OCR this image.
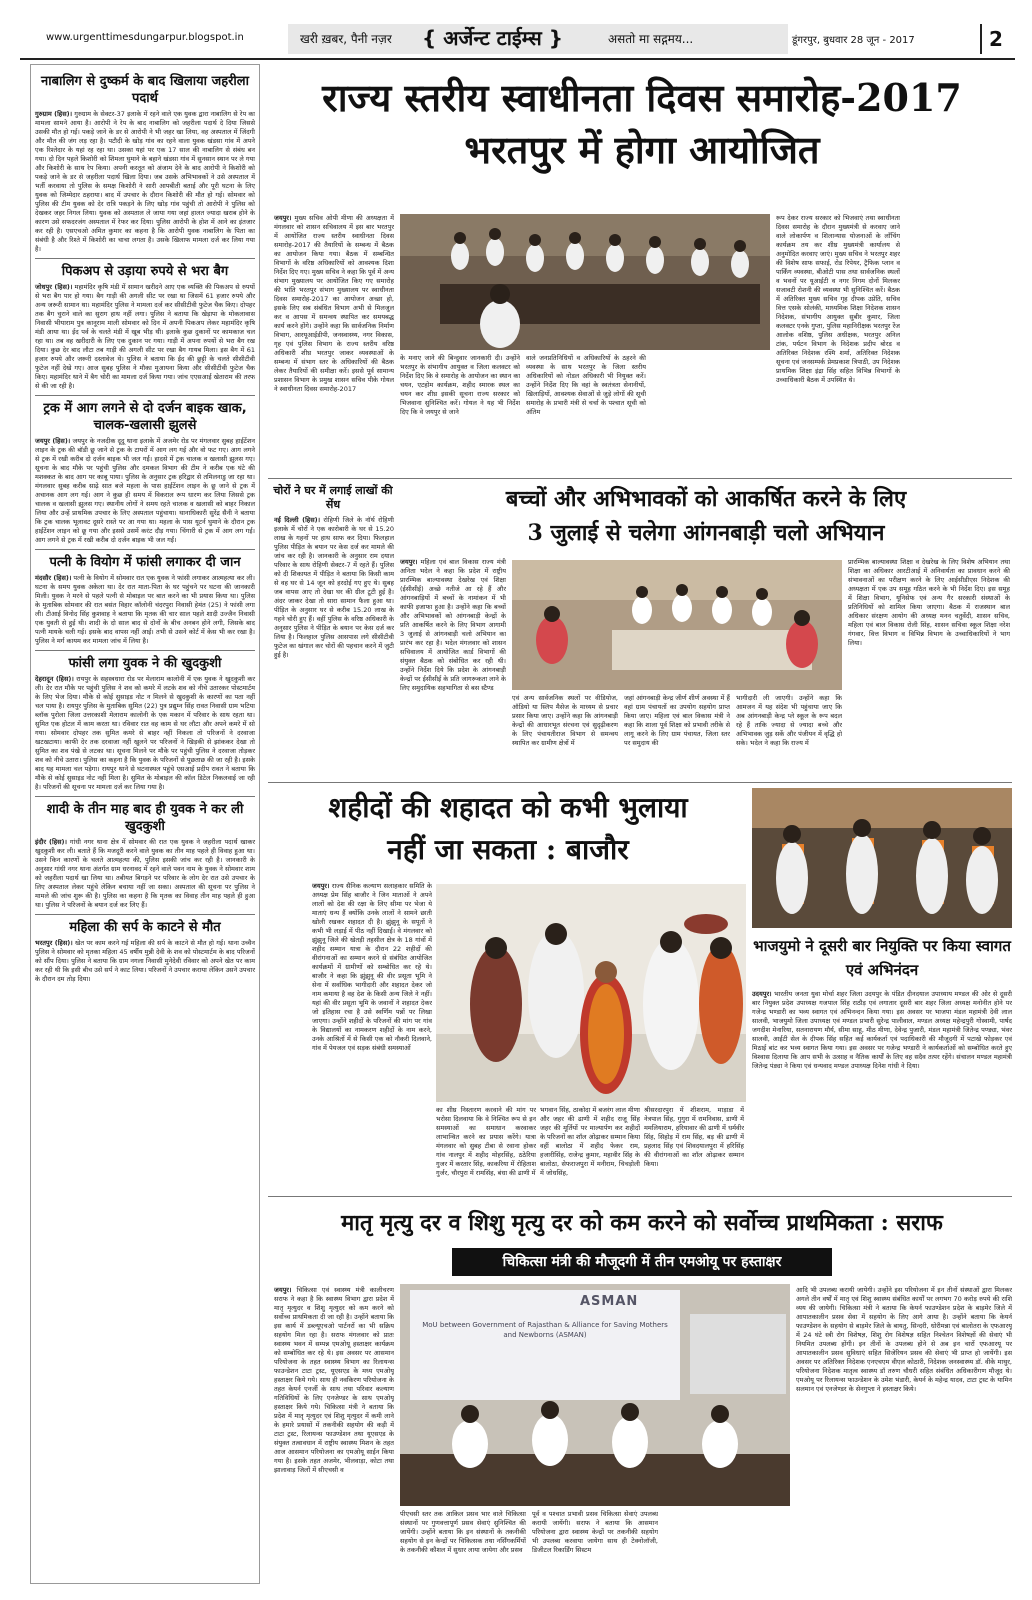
www.urgenttimesdungarpur.blogspot.in	खरी ख़बर, पैनी नज़र { अर्जेन्ट टाईम्स }	असतो मा सद्गमय...	डूंगरपुर, बुधवार 28 जून - 2017	2
नाबालिग से दुष्कर्म के बाद खिलाया जहरीला पदार्थ

गुरुग्राम (हिस)। गुरुग्राम के सेक्टर-37 इलाके में रहने वाले एक युवक द्वारा नाबालिग से रेप का मामला सामने आया है। आरोपी ने रेप के बाद नाबालिग को जहरीला पदार्थ दे दिया जिससे उसकी मौत हो गई। पकड़े जाने के डर से आरोपी ने भी जहर खा लिया, वह अस्पताल में जिंदगी और मौत की जंग लड़ रहा है। पटौदी के खोड़ गांव का रहने वाला युवक खंडसा गांव में अपने एक रिश्तेदार के यहां रह रहा था। उसका यहां पर एक 17 साल की नाबालिग से संबंध बन गया। दो दिन पहले किशोरी को शिमला घुमाने के बहाने खंडसा गांव में सुनसान स्थान पर ले गया और किशोरी के साथ रेप किया। अपनी करतूत को अंजाम देने के बाद आरोपी ने किशोरी को पकड़े जाने के डर से जहरीला पदार्थ खिला दिया। जब उसके अभिभावकों ने उसे अस्पताल में भर्ती करवाया तो पुलिस के समक्ष किशोरी ने सारी आपबीती बताई और पूरी घटना के लिए युवक को जिम्मेदार ठहराया। बाद में उपचार के दौरान किशोरी की मौत हो गई। सोमवार को पुलिस की टीम युवक को देर रात्रि पकड़ने के लिए खोड़ गांव पहुंची तो आरोपी ने पुलिस को देखकर जहर निगल लिया। युवक को अस्पताल ले जाया गया जहां हालत ज्यादा खराब होने के कारण उसे सफदरजंग अस्पताल में रेफर कर दिया। पुलिस आरोपी के होश में आने का इंतजार कर रही है। एसएचओ अमित कुमार का कहना है कि आरोपी युवक नाबालिग के पिता का संबंधी है और रिश्ते में किशोरी का चाचा लगता है। उसके खिलाफ मामला दर्ज कर लिया गया है।

पिकअप से उड़ाया रुपये से भरा बैग

जोधपुर (हिस)। महामंदिर कृषि मंडी में सामान खरीदने आए एक व्यक्ति की पिकअप से रुपयों से भरा बैग पार हो गया। बैग गाड़ी की अगली सीट पर रखा था जिसमें 61 हजार रुपये और अन्य जरूरी सामान था। महामंदिर पुलिस ने मामला दर्ज कर सीसीटीवी फुटेज चैक किए। दोपहर तक बैग चुराने वाले का सुराग हाथ नहीं लगा। पुलिस ने बताया कि खेड़ापा के मोकलावास निवासी भीयाराम पुत्र कानूराम माली सोमवार को दिन में अपनी पिकअप लेकर महामंदिर कृषि मंडी आया था। ईद पर्व के चलते मंडी में खूब भीड़ थी। इलाके कुछ दुकानों पर कामकाज चल रहा था। तब वह खरीदारी के लिए एक दुकान पर गया। गाड़ी में अपना रुपयों से भरा बैग रख दिया। कुछ देर बाद लौटा तब गाड़ी की अगली सीट पर रखा बैग गायब मिला। इस बैग में 61 हजार रुपये और जरूरी दस्तावेज थे। पुलिस ने बताया कि ईद की छुट्टी के चलते सीसीटीवी फुटेज नहीं देखे गए। आज सुबह पुलिस ने मौका मुआयना किया और सीसीटीवी फुटेज चैक किए। महामंदिर थाने में बैग चोरी का मामला दर्ज किया गया। जांच एएसआई खेताराम की तरफ से की जा रही है।

ट्रक में आग लगने से दो दर्जन बाइक खाक, चालक-खलासी झुलसे

जयपुर (हिस)। जयपुर के नजदीक दूदू थाना इलाके में अजमेर रोड पर मंगलवार सुबह हाईटेंशन लाइन के ट्रक की बॉडी छू जाने से ट्रक के टायरों में आग लग गई और वो फट गए। आग लगने से ट्रक में रखी करीब दो दर्जन बाइक भी जल गईं। हादसे में ट्रक चालक व खलासी झुलस गए। सूचना के बाद मौके पर पहुंची पुलिस और दमकल विभाग की टीम ने करीब एक घंटे की मशक्कत के बाद आग पर काबू पाया। पुलिस के अनुसार ट्रक हरिद्वार से तमिलनाडु जा रहा था। मंगलवार सुबह करीब साढ़े सात बजे महला के पास हाईटेंशन लाइन के छू जाने से ट्रक में अचानक आग लग गई। आग ने कुछ ही समय में विकराल रूप धारण कर लिया जिससे ट्रक चालक व खलासी झुलस गए। स्थानीय लोगों ने समय रहते चालक व खलासी को बाहर निकाल लिया और उन्हें प्राथमिक उपचार के लिए अस्पताल पहुंचाया। थानाधिकारी सुरेंद्र सैनी ने बताया कि ट्रक चालक भूलावट दूसरे रास्ते पर आ गया था। महला के पास यूटर्न घुमाने के दौरान ट्रक हाईटेंशन लाइन को छू गया और इससे उसमें करंट दौड़ गया। चिंगारी से ट्रक में आग लग गई। आग लगने से ट्रक में रखी करीब दो दर्जन बाइक भी जल गईं।

पत्नी के वियोग में फांसी लगाकर दी जान

मंदसौर (हिस)। पत्नी के वियोग में सोमवार रात एक युवक ने फांसी लगाकर आत्महत्या कर ली। घटना के समय युवक अकेला था। देर रात माता-पिता के घर पहुंचने पर घटना की जानकारी मिली। युवक ने मरने से पहले पत्नी से मोबाइल पर बात करने का भी प्रयास किया था। पुलिस के मुताबिक सोमवार की रात बसंत विहार कॉलोनी चंदरपुरा निवासी हेमंत (25) ने फांसी लगा ली। टीआई विनोद सिंह कुशवाह ने बताया कि मृतक की चार साल पहले शादी उज्जैन निवासी एक युवती से हुई थी। शादी के दो साल बाद से दोनों के बीच अनबन होने लगी, जिसके बाद पत्नी मायके चली गई। इसके बाद वापस नहीं आई। तभी से उसने कोर्ट में केस भी कर रखा है। पुलिस ने मर्ग कायम कर मामला जांच में लिया है।

फांसी लगा युवक ने की खुदकुशी

देहरादून (हिस)। रायपुर के सहस्त्रधारा रोड पर मेलाराम कालोनी में एक युवक ने खुदकुशी कर ली। देर रात मौके पर पहुंची पुलिस ने शव को कमरे में लटके शव को नीचे उतारकर पोस्टमार्टम के लिए भेज दिया। मौके से कोई सुसाइड नोट न मिलने से खुदकुशी के कारणों का पता नहीं चल पाया है। रायपुर पुलिस के मुताबिक सुमित (22) पुत्र प्रद्युम्न सिंह रावत निवासी ग्राम भटिया ब्लॉक पुरोला जिला उत्तरकाशी मेलाराम कालोनी के एक मकान में परिवार के साथ रहता था। सुमित एक होटल में काम करता था। रविवार रात वह काम से घर लौटा और अपने कमरे में सो गया। सोमवार दोपहर तक सुमित कमरे से बाहर नहीं निकला तो परिजनों ने दरवाजा खटखटाया। काफी देर तक दरवाजा नहीं खुलने पर परिजनों ने खिड़की से झांककर देखा तो सुमित का शव पंखे से लटका था। सूचना मिलने पर मौके पर पहुंची पुलिस ने दरवाजा तोड़कर शव को नीचे उतारा। पुलिस का कहना है कि युवक के परिजनों से पूछताछ की जा रही है। इसके बाद यह मामला चल पड़ेगा। रायपुर थाने से घटनास्थल पहुंचे एसआई प्रदीप रावत ने बताया कि मौके से कोई सुसाइड नोट नहीं मिला है। सुमित के मोबाइल की कॉल डिटेल निकलवाई जा रही है। परिजनों की सूचना पर मामला दर्ज कर लिया गया है।

शादी के तीन माह बाद ही युवक ने कर ली खुदकुशी

इंदौर (हिस)। गांधी नगर थाना क्षेत्र में सोमवार की रात एक युवक ने जहरीला पदार्थ खाकर खुदकुशी कर ली। बताते हैं कि मजदूरी करने वाले युवक का तीन माह पहले ही विवाह हुआ था। उसने किन कारणों के चलते आत्महत्या की, पुलिस इसकी जांच कर रही है। जानकारी के अनुसार गांधी नगर थाना अंतर्गत ग्राम धरनावद में रहने वाले पवन नाम के युवक ने सोमवार शाम को जहरीला पदार्थ खा लिया था। तबीयत बिगड़ने पर परिवार के लोग देर रात उसे उपचार के लिए अस्पताल लेकर पहुंचे लेकिन बचाया नहीं जा सका। अस्पताल की सूचना पर पुलिस ने मामले की जांच शुरू की है। पुलिस का कहना है कि मृतक का विवाह तीन माह पहले ही हुआ था। पुलिस ने परिजनों के बयान दर्ज कर लिए हैं।

महिला की सर्प के काटने से मौत

भरतपुर (हिस)। खेत पर काम करने गई महिला की सर्प के काटने से मौत हो गई। थाना उच्चैन पुलिस ने सोमवार को मृतका महिला 45 वर्षीय मुन्नी देवी के शव को पोस्टमार्टम के बाद परिजनों को सौंप दिया। पुलिस ने बताया कि ग्राम नगला निवासी मुनेदेवी रविवार को अपने खेत पर काम कर रही थी कि इसी बीच उसे सर्प ने काट लिया। परिजनों ने उपचार कराया लेकिन उसने उपचार के दौरान दम तोड़ दिया।

राज्य स्तरीय स्वाधीनता दिवस समारोह-2017 भरतपुर में होगा आयोजित
जयपुर। मुख्य सचिव ओपी मीणा की अध्यक्षता में मंगलवार को शासन सचिवालय में इस बार भरतपुर में आयोजित राज्य स्तरीय स्वाधीनता दिवस समारोह-2017 की तैयारियों के सम्बन्ध में बैठक का आयोजन किया गया। बैठक में सम्बन्धित विभागों के वरिष्ठ अधिकारियों को आवश्यक दिशा निर्देश दिए गए। मुख्य सचिव ने कहा कि पूर्व में अन्य संभाग मुख्यालय पर आयोजित किए गए समारोह की भांति भरतपुर संभाग मुख्यालय पर स्वाधीनता दिवस समारोह-2017 का आयोजन अच्छा हो, इसके लिए सब संबंधित विभाग अभी से मिलजुल कर व आपस में समन्वय स्थापित कर समयबद्ध कार्य करने होंगे। उन्होंने कहा कि सार्वजनिक निर्माण विभाग, आरयूआईडीपी, जनस्वास्थ्य, नगर विकास, गृह एवं पुलिस विभाग के राज्य स्तरीय वरिष्ठ अधिकारी शीघ्र भरतपुर जाकर व्यवस्थाओं के सम्बन्ध में संभाग स्तर के अधिकारियों की बैठक लेकर तैयारियों की समीक्षा करें। इससे पूर्व सामान्य प्रशासन विभाग के प्रमुख शासन सचिव पीके गोयल ने स्वाधीनता दिवस समारोह-2017
के मनाए जाने की बिन्दुवार जानकारी दी। उन्होंने भरतपुर के संभागीय आयुक्त व जिला कलक्टर को निर्देश दिए कि वे समारोह के आयोजन का स्थान का चयन, एटहोम कार्यक्रम, शहीद स्मारक स्थल का चयन कर शीघ्र इसकी सूचना राज्य सरकार को भिजवाना सुनिश्चित करें। गोयल ने यह भी निर्देश दिए कि वे जयपुर से जाने
वाले जनप्रतिनिधियों व अधिकारियों के ठहरने की व्यवस्था के साथ भरतपुर के जिला स्तरीय अधिकारियों को नोडल अधिकारी भी नियुक्त करें। उन्होंने निर्देश दिए कि वहां के स्वतंत्रता सेनानीयों, खिलाड़ियों, आवश्यक सेवाओं से जुड़े लोगों की सूची समारोह के प्रभारी मंत्री से चर्चा के पश्चात सूची को अंतिम
रूप देकर राज्य सरकार को भिजवाएं तथा स्वाधीनता दिवस समारोह के दौरान मुख्यमंत्री से करवाए जाने वाले लोकार्पण व शिलान्यास योजनाओं के लाँचिंग कार्यक्रम तय कर शीघ्र मुख्यमंत्री कार्यालय से अनुमोदित करवाए जाएं। मुख्य सचिव ने भरतपुर शहर की विशेष साफ सफाई, रोड रिपेयर, ट्रैफिक प्लान व पार्किंग व्यवस्था, बीओटी पास तथा सार्वजनिक स्थलों व भवनों पर यूआईटी व नगर निगम दोनों मिलकर सजावटी रोशनी की व्यवस्था भी सुनिश्चित करें। बैठक में अतिरिक्त मुख्य सचिव गृह दीपक उप्रेति, सचिव वित्त एसके सोलंकी, माध्यमिक शिक्षा निदेशक शासन निदेशक, संभागीय आयुक्त सुबीर कुमार, जिला कलक्टर एनके गुप्ता, पुलिस महानिरीक्षक भरतपुर रेंज आलोक वशिष्ठ, पुलिस अधीक्षक, भरतपुर अनिल टांक, पर्यटन विभाग के निदेशक प्रदीप बोरड व अतिरिक्त निदेशक रश्मि शर्मा, अतिरिक्त निदेशक सूचना एवं जनसम्पर्क प्रेमप्रकाश त्रिपाठी, उप निदेशक प्राथमिक शिक्षा इंद्रा सिंह सहित विभिन्न विभागों के उच्चाधिकारी बैठक में उपस्थित थे।
चोरों ने घर में लगाई लाखों की सेंध
नई दिल्ली (हिस)। रोहिणी जिले के नॉर्थ रोहिणी इलाके में चोरों ने एक कारोबारी के घर से 15.20 लाख के गहनों पर हाथ साफ कर दिया। फिलहाल पुलिस पीड़ित के बयान पर केस दर्ज कर मामले की जांच कर रही है। जानकारी के अनुसार राम दयाल परिवार के साथ रोहिणी सेक्टर-7 में रहते हैं। पुलिस को दी शिकायत में पीड़ित ने बताया कि किसी काम से वह घर से 14 जून को हरदोई गए हुए थे। सुबह जब वापस आए तो देखा घर की ग्रील टूटी हुई है। अंदर जाकर देखा तो सारा सामान फैला हुआ था। पीड़ित के अनुसार घर से करीब 15.20 लाख के गहने चोरी हुए हैं। वहीं पुलिस के वरिष्ठ अधिकारी के अनुसार पुलिस ने पीड़ित के बयान पर केस दर्ज कर लिया है। फिलहाल पुलिस आसपास लगे सीसीटीवी फुटेज का खंगाल कर चोरों की पहचान करने में जुटी हुई है।
बच्चों और अभिभावकों को आकर्षित करने के लिए
3 जुलाई से चलेगा आंगनबाड़ी चलो अभियान
जयपुर। महिला एवं बाल विकास राज्य मंत्री अनिता भदेल ने कहा कि प्रदेश में राष्ट्रीय प्रारम्भिक बाल्यावस्था देखरेख एवं शिक्षा (ईसीसीई) अच्छे नतीजे आ रहे हैं और आंगनबाड़ियों में बच्चों के नामांकन में भी काफी इजाफा हुआ है। उन्होंने कहा कि बच्चों और अभिभावकों को आंगनबाड़ी केन्द्रों के प्रति आकर्षित करने के लिए विभाग आगामी 3 जुलाई से आंगनबाड़ी चलो अभियान का प्रारंभ कर रहा है। भदेल मंगलवार को शासन सचिवालय में आयोजित कार्ड विभागों की संयुक्त बैठक को संबोधित कर रही थी। उन्होंने निर्देश दिये कि प्रदेश के आंगनबाड़ी केन्द्रों पर ईसीसीई के प्रति जागरूकता लाने के लिए समुदायिक सहभागिता से बस स्टैण्ड
एवं अन्य सार्वजनिक स्थलों पर वीडियोज, ऑडियो या स्लिप मैसेज के माध्यम से प्रचार प्रसार किया जाए। उन्होंने कहा कि आंगनबाड़ी केन्द्रों की आधारभूत संरचना एवं सुदृढ़ीकरण के लिए पंचायतीराज विभाग से समन्वय स्थापित कर ग्रामीण क्षेत्रों में
जहां आंगनबाड़ी केन्द्र जीर्ण शीर्ण अवस्था में हैं वहां ग्राम पंचायतों का उपयोग सहयोग प्राप्त किया जाए। महिला एवं बाल विकास मंत्री ने कहा कि शाला पूर्व शिक्षा को प्रभावी तरीके से लागू करने के लिए ग्राम पंचायत, जिला स्तर पर समुदाय की
भागीदारी ली जाएगी। उन्होंने कहा कि आमजन में यह संदेश भी पहुंचाया जाए कि अब आंगनबाड़ी केन्द्र प्ले स्कूल के रूप बदल रहे हैं ताकि ज्यादा से ज्यादा बच्चे और अभिभावक जुड़ सकें और पंजीयन में वृद्धि हो सके। भदेल ने कहा कि राज्य में
प्रारम्भिक बाल्यावस्था शिक्षा व देखरेख के लिए विशेष अभियान तथा शिक्षा का अधिकार आरटीआई में अनिवार्यता का प्रावधान करने की संभावनाओं का परीक्षण करने के लिए आईसीडीएस निदेशक की अध्यक्षता में एक उप समूह गठित करने के भी निर्देश दिए। इस समूह में शिक्षा विभाग, यूनिसेफ एवं अन्य गैर सरकारी संस्थाओं के प्रतिनिधियों को शामिल किया जाएगा। बैठक में राजस्थान बाल अधिकार संरक्षण आयोग की अध्यक्ष मनन चतुर्वेदी, शासन सचिव, महिला एवं बाल विकास रोली सिंह, शासन सचिवा स्कूल शिक्षा नरेश गंगवार, वित्त विभाग व विभिन्न विभाग के उच्चाधिकारियों ने भाग लिया।
शहीदों की शहादत को कभी भुलाया
नहीं जा सकता : बाजौर
जयपुर। राज्य सैनिक कल्याण सलाहकार समिति के अध्यक्ष प्रेम सिंह बाजौर ने जिन माताओं ने अपने लालों को देश की रक्षा के लिए सीमा पर भेजा ये माताएं धन्य हैं क्योंकि उनके लालों ने सामने छाती खोली रखकर शहादत दी है। झुंझुनू के सपूतों ने कभी भी लड़ाई में पीठ नहीं दिखाई। वे मंगलवार को झुंझुनू जिले की खेतड़ी तहसील क्षेत्र के 18 गांवों में शहीद सम्मान यात्रा के दौरान 22 शहीदों की वीरांगनाओं का सम्मान करने से संबंधित आयोजित कार्यक्रमों में ग्रामीणों को सम्बोधित कर रहे थे। बाजौर ने कहा कि झुंझुनू की वीर प्रसूता भूमि ने सेना में सर्वाधिक भागीदारी और शहादत देकर जो नाम कमाया है वह देश के किसी अन्य जिले ने नहीं। यहां की वीर प्रसूता भूमि के जवानों ने शहादत देकर जो इतिहास रचा है उसे स्वर्णिम पन्नों पर लिखा जाएगा। उन्होंने शहीदों के परिजनों की मांग पर गांव के विद्यालयों का नामकरण शहीदों के नाम करने, उनके आश्रितों में से किसी एक को नौकरी दिलवाने, गांव में पेयजल एवं सड़क संबंधी समस्याओं
का शीघ्र निस्तारण करवाने की मांग पर भरोसा दिलवाया कि वे निश्चित रूप से इन समस्याओं का समाधान करवाकर लाभान्वित करने का प्रयास करेंगे। यात्रा मंगलवार को सुबह टीबा से रवाना होकर गांव नालपुर में शहीद मोहरसिंह, ठठेरिया गुजर में करतार सिंह, काकरिया में रोहिताश गुर्जर, चौरपुरा में रामसिंह, बंधा की ढाणी में
भगवान सिंह, ठाकोदा में बजरंग लाल मीणा और जहर की ढाणी में शहीद राजू सिंह जहर की मूर्तियों पर माल्यार्पण कर शहीदों के परिजनों का शॉल ओढ़ाकर सम्मान किया वहीं बालोठा में शहीद फेकर राम, हजारीसिंह, राजेन्द्र कुमार, महावीर सिंह के बालोठा, सेफराजपुरा में मनीराम, चिचड़ोली में जोधसिंह,
श्रीसरदारपुरा में शीशराम, माड़ाडा में नेत्रपाल सिंह, गुगुरा में रामनिवास, डाणी में ममलियाराम, हरियावार की ढाणी में धर्मवीर सिंह, सिहोड़ में राम सिंह, बड़ की ढाणी में प्रहलाद सिंह एवं शिवदयालपुरा में हरिसिंह की वीरांगनाओं का शॉल ओढ़ाकर सम्मान किया।
भाजयुमो ने दूसरी बार नियुक्ति पर किया स्वागत एवं अभिनंदन
उदयपुर। भारतीय जनता युवा मोर्चा शहर जिला उदयपुर के पंडित दीनदयाल उपाध्याय मण्डल की ओर से दूसरी बार नियुक्त प्रदेश उपाध्यक्ष गजपाल सिंह राठौड़ एवं लगातार दूसरी बार शहर जिला अध्यक्ष मनोनीत होने पर गजेन्द्र भण्डारी का भव्य स्वागत एवं अभिनन्दन किया गया। इस अवसर पर भाजपा मंडल महामंत्री देवी लाल सालवी, भाजयुमो जिला उपाध्यक्ष एवं मण्डल प्रभारी सुरेन्द्र पालीवाल, मण्डल अध्यक्ष महेन्द्रपुरी गोस्वामी, पार्षद जगदीश मेनारिया, सतनारायण मौर्य, सीमा साहू, मीठ मीणा, देवेन्द्र पुजारी, मंडल महामंत्री जितेन्द्र पण्ड्या, भंवर सालवी, आईटी सेल के दीपक सिंह सहित कई कार्यकर्ता एवं पदाधिकारी की मौजूदगी में पटाखे फोड़कर एवं मिठाई बांट कर भव्य स्वागत किया गया। इस अवसर पर गजेन्द्र भण्डारी ने कार्यकर्ताओं को सम्बोधित करते हुए विश्वास दिलाया कि आप सभी के उत्साह व नैतिक कार्यों के लिए वह सदैव तत्पर रहेंगे। संचालन मण्डल महामंत्री जितेन्द्र पंड्या ने किया एवं धन्यवाद मण्डल उपाध्यक्ष दिनेश गांधी ने दिया।
मातृ मृत्यु दर व शिशु मृत्यु दर को कम करने को सर्वोच्च प्राथमिकता : सराफ
चिकित्सा मंत्री की मौजूदगी में तीन एमओयू पर हस्ताक्षर
जयपुर। चिकित्सा एवं स्वास्थ्य मंत्री कालीचरण सराफ ने कहा है कि स्वास्थ्य विभाग द्वारा प्रदेश में मातृ मृत्युदर व शिशु मृत्युदर को कम करने को सर्वोच्च प्राथमिकता दी जा रही है। उन्होंने बताया कि इस कार्य में डब्ल्यूएचओ पार्टनरों का भी सक्रिय सहयोग मिल रहा है। सराफ मंगलवार को प्रातः स्वास्थ्य भवन में सम्पन्न एमओयू हस्ताक्षर कार्यक्रम को सम्बोधित कर रहे थे। इस अवसर पर आसमान परियोजना के तहत स्वास्थ्य विभाग का रिलायन्स फाउन्डेशन टाटा ट्रस्ट, यूएसएड के मध्य एमओयू हस्ताक्षर किये गये। साथ ही नवकिरण परियोजना के तहत केयर्न एनर्जी के साथ तथा परिवार कल्याण गतिविधियों के लिए एनजेण्डर के साथ एमओयू हस्ताक्षर किये गये। चिकित्सा मंत्री ने बताया कि प्रदेश में मातृ मृत्युदर एवं शिशु मृत्युदर में कमी लाने के हमारे प्रयासों में तकनीकी सहयोग की कड़ी में टाटा ट्रस्ट, रिलायन्स फाउण्डेशन तथा यूएसएड के संयुक्त तत्वावधान में राष्ट्रीय स्वास्थ्य मिशन के तहत आज आसमान परियोजना का एमओयू साईन किया गया है। इसके तहत अजमेर, भीलवाड़ा, कोटा तथा झालावाड़ जिलों में सीएचसी व
ASMAN
MoU between Government of Rajasthan & Alliance for Saving Mothers and Newborns (ASMAN)
पीएचसी स्तर तक आकिल प्रसव भार वाले चिकित्सा संस्थानों पर गुणवत्तापूर्ण प्रसव सेवाएं सुनिश्चित की जायेंगी। उन्होंने बताया कि इन संस्थानों के तकनीकी सहयोग से इन केन्द्रों पर चिकित्सक तथा नर्सिंगकर्मियों के तकनीकी कौशल में सुधार लाया जायेगा और प्रसव
पूर्व व पश्चात प्रभावी प्रसव चिकित्सा सेवाएं उपलब्ध करायी जायेंगी। सराफ ने बताया कि आसमान परियोजना द्वारा स्वास्थ्य केन्द्रों पर तकनीकी सहयोग भी उपलब्ध करवाया जायेगा साथ ही टेक्नोलॉजी, डिजीटल रिकार्डिंग सिस्टम
आदि भी उपलब्ध करायी जायेगी। उन्होंने इस परियोजना में इन तीनों संस्थाओं द्वारा मिलकर अगले तीन वर्षों में मातृ एवं शिशु स्वास्थ्य संबंधित कार्यों पर लगभग 70 करोड़ रुपये की राशि व्यय की जायेगी। चिकित्सा मंत्री ने बताया कि केयर्न फाउण्डेशन प्रदेश के बाड़मेर जिले में आपातकालीन प्रसव सेवा में सहयोग के लिए आगे आया है। उन्होंने बताया कि केयर्न फाउण्डेशन के सहयोग से बाड़मेर जिले के बायतु, सिन्दरी, धोरीमन्ना एवं बालोतरा के एफआरयू में 24 घंटे स्त्री रोग विशेषज्ञ, शिशु रोग विशेषज्ञ सहित निश्चेतन विशेषज्ञों की सेवाएं भी नियमित उपलब्ध होंगी। इन तीनों के उपलब्ध होने से अब इन चारों एफआरयू पर आपातकालीन प्रसव सुविधाएं सहित सिजेरियन प्रसव की सेवाएं भी प्राप्त हो जायेंगी। इस अवसर पर अतिरिक्त निदेशक एनएचएम वीएल कोठारी, निदेशक जनस्वास्थ्य डॉ. वीके माथुर, परियोजना निदेशक मातृत्व स्वास्थ्य डॉ तरुण चौधरी सहित संबंधित अधिकारीगण मौजूद थे। एमओयू पर रिलायन्स फाउन्डेशन के उमेश भंडारी, केयर्न के महेन्द्र यादव, टाटा ट्रस्ट के यामिन सलमान एवं एनजेण्डर के सेनगुप्ता ने हस्ताक्षर किये।
